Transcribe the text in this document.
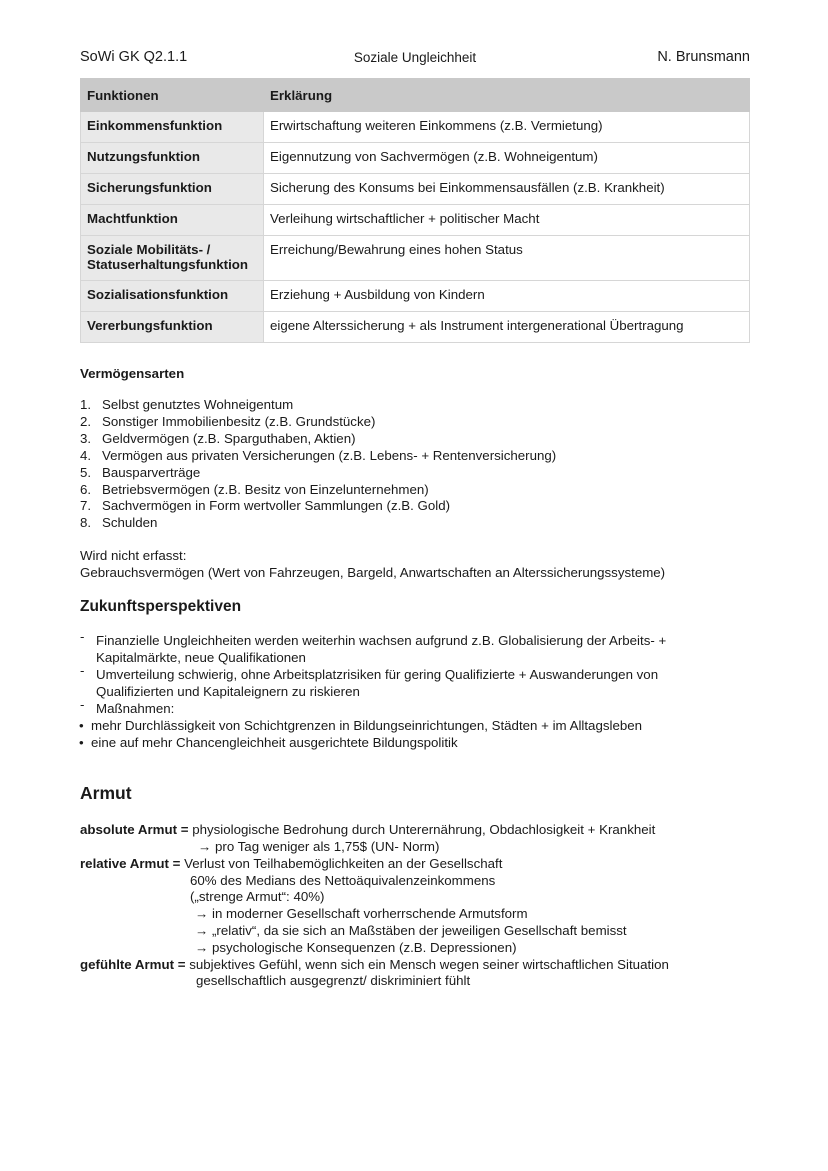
SoWi GK Q2.1.1	Soziale Ungleichheit	N. Brunsmann
Funktionen	Erklärung
Einkommensfunktion	Erwirtschaftung weiteren Einkommens (z.B. Vermietung)
Nutzungsfunktion	Eigennutzung von Sachvermögen (z.B. Wohneigentum)
Sicherungsfunktion	Sicherung des Konsums bei Einkommensausfällen (z.B. Krankheit)
Machtfunktion	Verleihung wirtschaftlicher + politischer Macht
Soziale Mobilitäts- /
Statuserhaltungsfunktion	Erreichung/Bewahrung eines hohen Status
Sozialisationsfunktion	Erziehung + Ausbildung von Kindern
Vererbungsfunktion	eigene Alterssicherung + als Instrument intergenerational Übertragung
Vermögensarten
1. Selbst genutztes Wohneigentum
2. Sonstiger Immobilienbesitz (z.B. Grundstücke)
3. Geldvermögen (z.B. Sparguthaben, Aktien)
4. Vermögen aus privaten Versicherungen (z.B. Lebens- + Rentenversicherung)
5. Bausparverträge
6. Betriebsvermögen (z.B. Besitz von Einzelunternehmen)
7. Sachvermögen in Form wertvoller Sammlungen (z.B. Gold)
8. Schulden
Wird nicht erfasst:
Gebrauchsvermögen (Wert von Fahrzeugen, Bargeld, Anwartschaften an Alterssicherungssysteme)
Zukunftsperspektiven
- Finanzielle Ungleichheiten werden weiterhin wachsen aufgrund z.B. Globalisierung der Arbeits- +
Kapitalmärkte, neue Qualifikationen
- Umverteilung schwierig, ohne Arbeitsplatzrisiken für gering Qualifizierte + Auswanderungen von
Qualifizierten und Kapitaleignern zu riskieren
- Maßnahmen:
• mehr Durchlässigkeit von Schichtgrenzen in Bildungseinrichtungen, Städten + im Alltagsleben
• eine auf mehr Chancengleichheit ausgerichtete Bildungspolitik
Armut
absolute Armut = physiologische Bedrohung durch Unterernährung, Obdachlosigkeit + Krankheit
→ pro Tag weniger als 1,75$ (UN- Norm)
relative Armut = Verlust von Teilhabemöglichkeiten an der Gesellschaft
60% des Medians des Nettoäquivalenzeinkommens
(„strenge Armut“: 40%)
→ in moderner Gesellschaft vorherrschende Armutsform
→ „relativ“, da sie sich an Maßstäben der jeweiligen Gesellschaft bemisst
→ psychologische Konsequenzen (z.B. Depressionen)
gefühlte Armut = subjektives Gefühl, wenn sich ein Mensch wegen seiner wirtschaftlichen Situation
gesellschaftlich ausgegrenzt/ diskriminiert fühlt
